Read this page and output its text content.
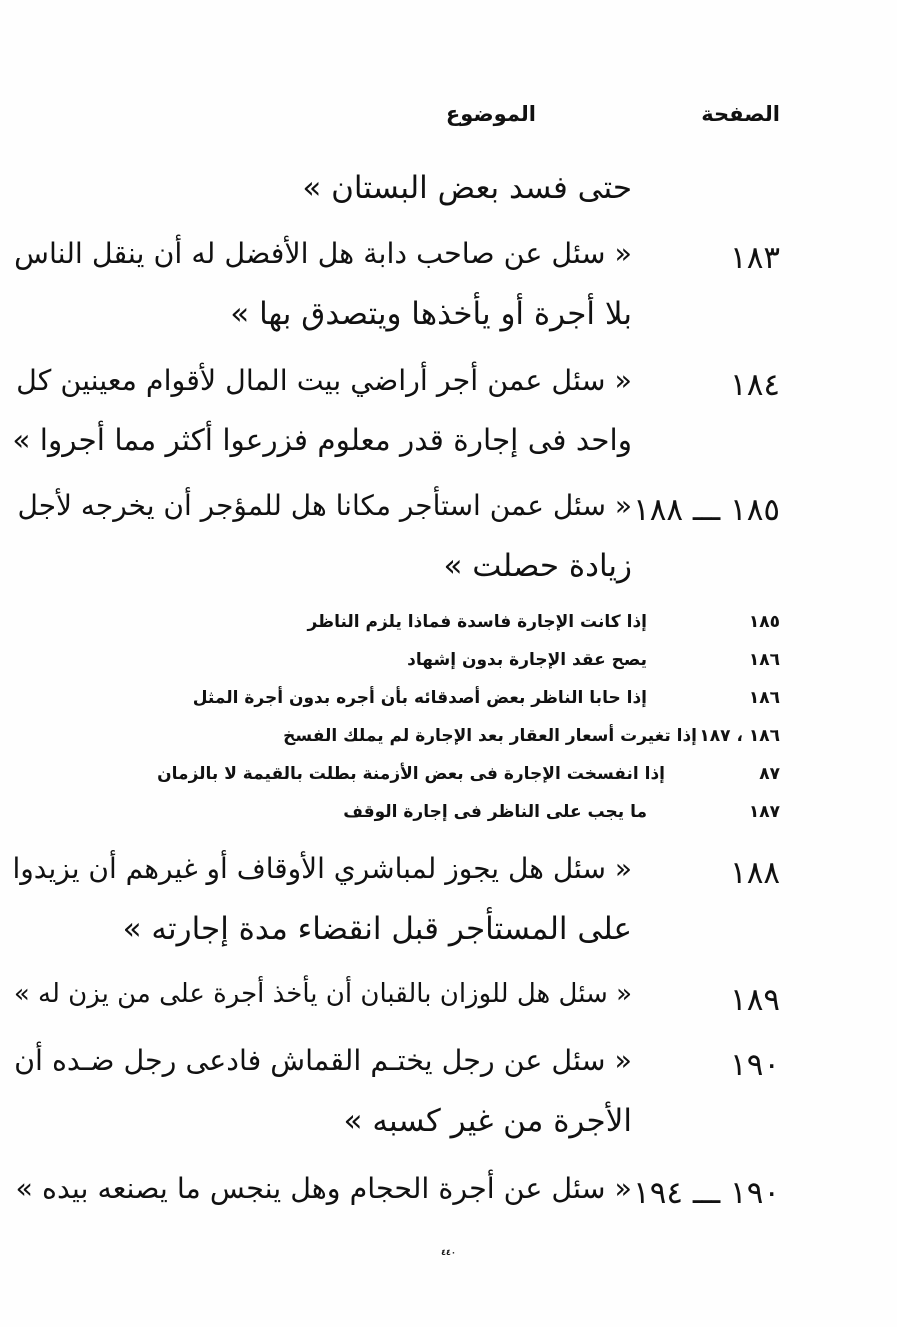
الصفحة
الموضوع
حتى فسد بعض البستان »
١٨٣
« سئل عن صاحب دابة هل الأفضل له أن ينقل الناس
بلا أجرة أو يأخذها ويتصدق بها »
١٨٤
« سئل عمن أجر أراضي بيت المال لأقوام معينين كل
واحد فى إجارة قدر معلوم فزرعوا أكثر مما أجروا »
١٨٥ ـــ ١٨٨
« سئل عمن استأجر مكانا هل للمؤجر أن يخرجه لأجل
زيادة حصلت »
١٨٥
إذا كانت الإجارة فاسدة فماذا يلزم الناظر
١٨٦
يصح عقد الإجارة بدون إشهاد
١٨٦
إذا حابا الناظر بعض أصدقائه بأن أجره بدون أجرة المثل
١٨٦ ، ١٨٧
إذا تغيرت أسعار العقار بعد الإجارة لم يملك الفسخ
٨٧
إذا انفسخت الإجارة فى بعض الأزمنة بطلت بالقيمة لا بالزمان
١٨٧
ما يجب على الناظر فى إجارة الوقف
١٨٨
« سئل هل يجوز لمباشري الأوقاف أو غيرهم أن يزيدوا
على المستأجر قبل انقضاء مدة إجارته »
١٨٩
« سئل هل للوزان بالقبان أن يأخذ أجرة على من يزن له »
١٩٠
« سئل عن رجل يختـم القماش فادعى رجل ضـده أن
الأجرة من غير كسبه »
١٩٠ ـــ ١٩٤
« سئل عن أجرة الحجام وهل ينجس ما يصنعه بيده »
٤٤٠
